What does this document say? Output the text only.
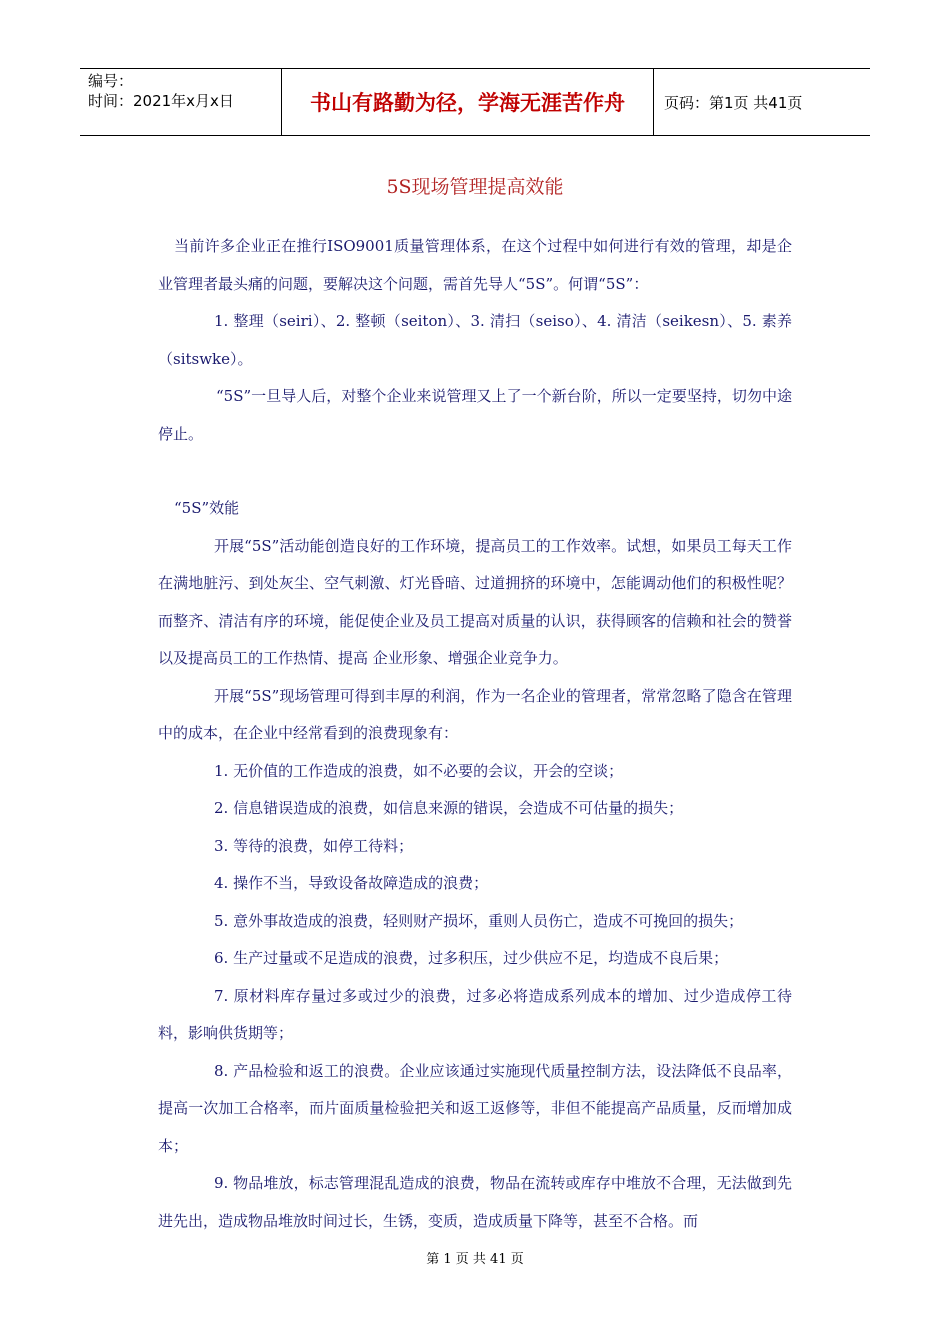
编号：
时间：2021年x月x日	书山有路勤为径，学海无涯苦作舟	页码：第1页 共41页
5S现场管理提高效能

当前许多企业正在推行ISO9001质量管理体系，在这个过程中如何进行有效的管理，却是企业管理者最头痛的问题，要解决这个问题，需首先导人“5S”。何谓“5S”：

1. 整理（seiri）、2. 整顿（seiton）、3. 清扫（seiso）、4. 清洁（seikesn）、5. 素养（sitswke）。

“5S”一旦导人后，对整个企业来说管理又上了一个新台阶，所以一定要坚持，切勿中途停止。

“5S”效能

开展“5S”活动能创造良好的工作环境，提高员工的工作效率。试想，如果员工每天工作在满地脏污、到处灰尘、空气刺激、灯光昏暗、过道拥挤的环境中，怎能调动他们的积极性呢？而整齐、清洁有序的环境，能促使企业及员工提高对质量的认识，获得顾客的信赖和社会的赞誉以及提高员工的工作热情、提高 企业形象、增强企业竞争力。

开展“5S”现场管理可得到丰厚的利润，作为一名企业的管理者，常常忽略了隐含在管理中的成本，在企业中经常看到的浪费现象有：

1. 无价值的工作造成的浪费，如不必要的会议，开会的空谈；

2. 信息错误造成的浪费，如信息来源的错误，会造成不可估量的损失；

3. 等待的浪费，如停工待料；

4. 操作不当，导致设备故障造成的浪费；

5. 意外事故造成的浪费，轻则财产损坏，重则人员伤亡，造成不可挽回的损失；

6. 生产过量或不足造成的浪费，过多积压，过少供应不足，均造成不良后果；

7. 原材料库存量过多或过少的浪费，过多必将造成系列成本的增加、过少造成停工待料，影响供货期等；

8. 产品检验和返工的浪费。企业应该通过实施现代质量控制方法，设法降低不良品率，提高一次加工合格率，而片面质量检验把关和返工返修等，非但不能提高产品质量，反而增加成本；

9. 物品堆放，标志管理混乱造成的浪费，物品在流转或库存中堆放不合理，无法做到先进先出，造成物品堆放时间过长，生锈，变质，造成质量下降等，甚至不合格。而

第 1 页 共 41 页
